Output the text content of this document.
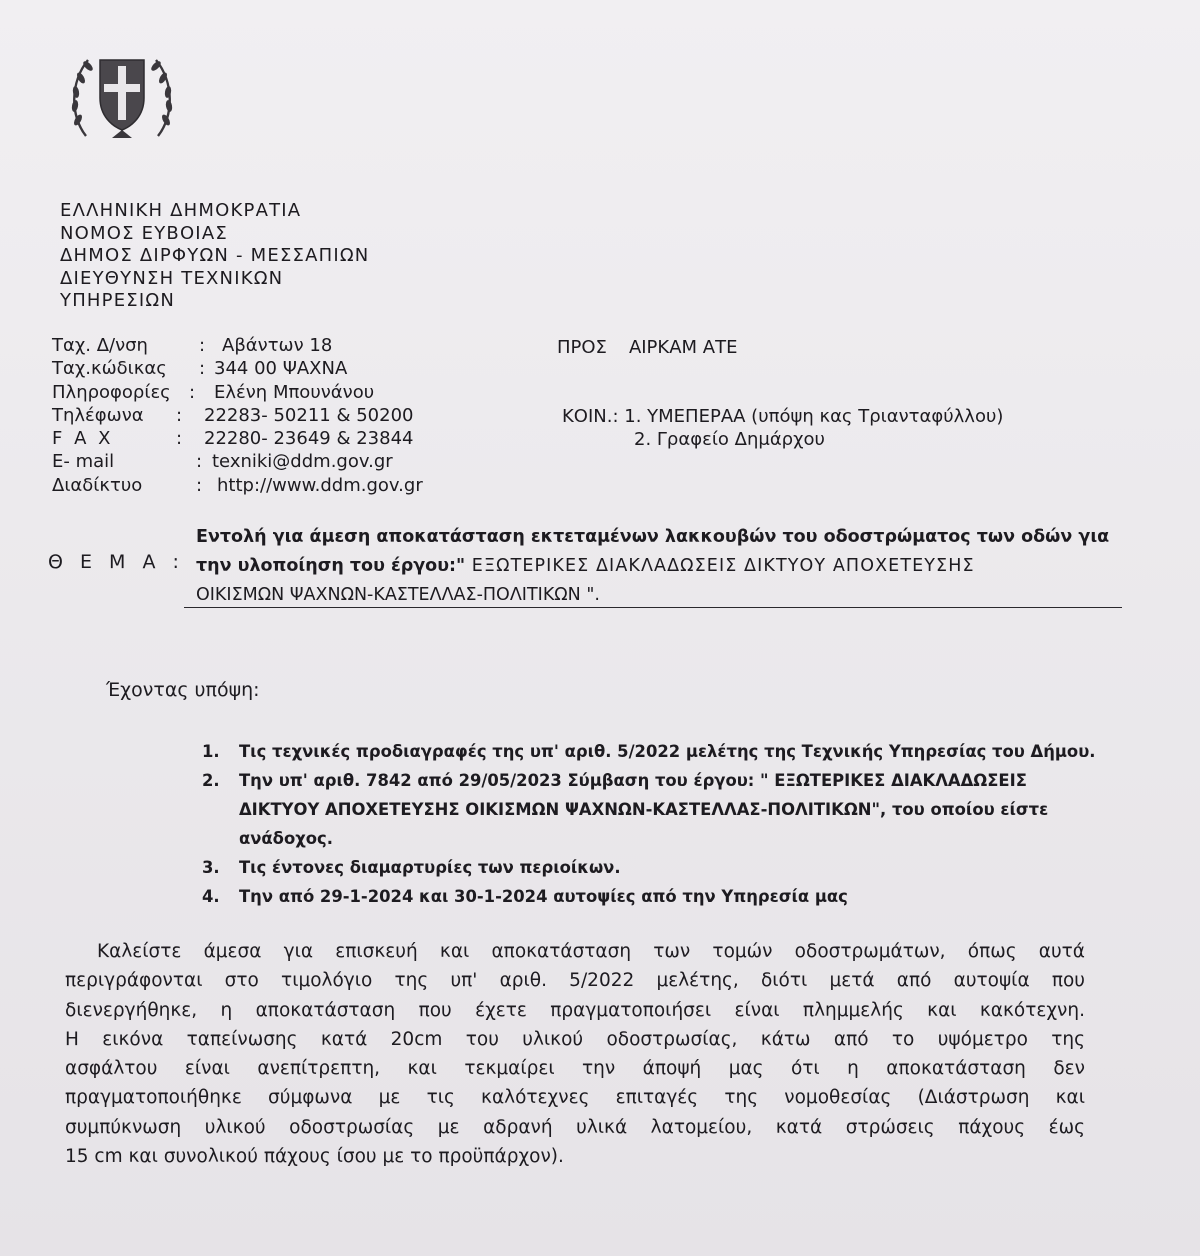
ΕΛΛΗΝΙΚΗ ΔΗΜΟΚΡΑΤΙΑ
ΝΟΜΟΣ ΕΥΒΟΙΑΣ
ΔΗΜΟΣ ΔΙΡΦΥΩΝ - ΜΕΣΣΑΠΙΩΝ
ΔΙΕΥΘΥΝΣΗ ΤΕΧΝΙΚΩΝ
ΥΠΗΡΕΣΙΩΝ
Ταχ. Δ/νση	: Αβάντων 18
Ταχ.κώδικας : 344 00 ΨΑΧΝΑ
Πληροφορίες : Ελένη Μπουνάνου
Τηλέφωνα : 22283- 50211 & 50200
F A X	: 22280- 23649 & 23844
E- mail	: texniki@ddm.gov.gr
Διαδίκτυο	: http://www.ddm.gov.gr
ΠΡΟΣ ΑΙΡΚΑΜ ΑΤΕ
ΚΟΙΝ.: 1. ΥΜΕΠΕΡΑΑ (υπόψη κας Τριανταφύλλου)
2. Γραφείο Δημάρχου
Θ Ε Μ Α :
Εντολή για άμεση αποκατάσταση εκτεταμένων λακκουβών του οδοστρώματος των οδών για
την υλοποίηση του έργου:" ΕΞΩΤΕΡΙΚΕΣ ΔΙΑΚΛΑΔΩΣΕΙΣ ΔΙΚΤΥΟΥ ΑΠΟΧΕΤΕΥΣΗΣ
ΟΙΚΙΣΜΩΝ ΨΑΧΝΩΝ-ΚΑΣΤΕΛΛΑΣ-ΠΟΛΙΤΙΚΩΝ ".
Έχοντας υπόψη:
1. Τις τεχνικές προδιαγραφές της υπ' αριθ. 5/2022 μελέτης της Τεχνικής Υπηρεσίας του Δήμου.
2. Την υπ' αριθ. 7842 από 29/05/2023 Σύμβαση του έργου: " ΕΞΩΤΕΡΙΚΕΣ ΔΙΑΚΛΑΔΩΣΕΙΣ
ΔΙΚΤΥΟΥ ΑΠΟΧΕΤΕΥΣΗΣ ΟΙΚΙΣΜΩΝ ΨΑΧΝΩΝ-ΚΑΣΤΕΛΛΑΣ-ΠΟΛΙΤΙΚΩΝ", του οποίου είστε
ανάδοχος.
3. Τις έντονες διαμαρτυρίες των περιοίκων.
4. Την από 29-1-2024 και 30-1-2024 αυτοψίες από την Υπηρεσία μας
Καλείστε άμεσα για επισκευή και αποκατάσταση των τομών οδοστρωμάτων, όπως αυτά
περιγράφονται στο τιμολόγιο της υπ' αριθ. 5/2022 μελέτης, διότι μετά από αυτοψία που
διενεργήθηκε, η αποκατάσταση που έχετε πραγματοποιήσει είναι πλημμελής και κακότεχνη.
Η εικόνα ταπείνωσης κατά 20cm του υλικού οδοστρωσίας, κάτω από το υψόμετρο της
ασφάλτου είναι ανεπίτρεπτη, και τεκμαίρει την άποψή μας ότι η αποκατάσταση δεν
πραγματοποιήθηκε σύμφωνα με τις καλότεχνες επιταγές της νομοθεσίας (Διάστρωση και
συμπύκνωση υλικού οδοστρωσίας με αδρανή υλικά λατομείου, κατά στρώσεις πάχους έως
15 cm και συνολικού πάχους ίσου με το προϋπάρχον).
